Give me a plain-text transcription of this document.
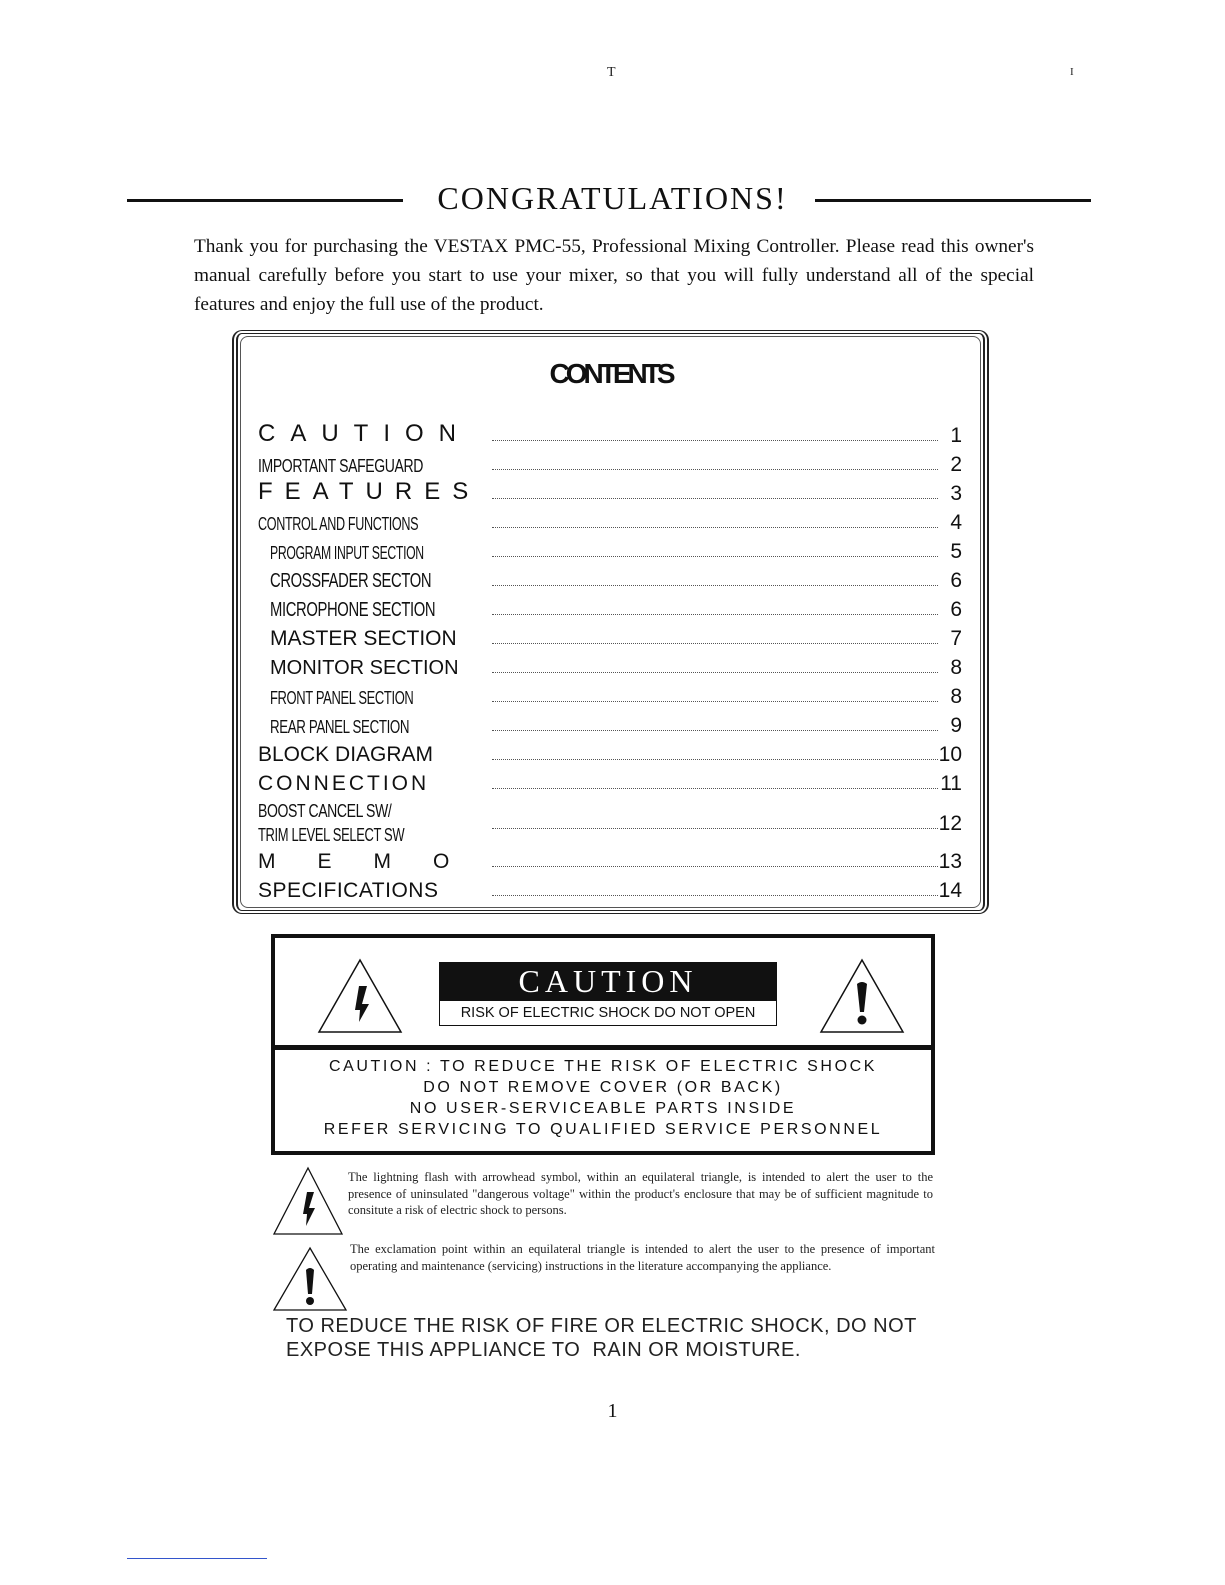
T	I
CONGRATULATIONS!
Thank you for purchasing the VESTAX PMC-55, Professional Mixing Controller. Please read this owner's manual carefully before you start to use your mixer, so that you will fully understand all of the special features and enjoy the full use of the product.
CONTENTS
CAUTION	1
IMPORTANT SAFEGUARD	2
FEATURES	3
CONTROL AND FUNCTIONS	4
PROGRAM INPUT SECTION	5
CROSSFADER SECTON	6
MICROPHONE SECTION	6
MASTER SECTION	7
MONITOR SECTION	8
FRONT PANEL SECTION	8
REAR PANEL SECTION	9
BLOCK DIAGRAM	10
CONNECTION	11
BOOST CANCEL SW/
TRIM LEVEL SELECT SW	12
MEMO	13
SPECIFICATIONS	14
CAUTION
RISK OF ELECTRIC SHOCK DO NOT OPEN
CAUTION : TO REDUCE THE RISK OF ELECTRIC SHOCK
DO NOT REMOVE COVER (OR BACK)
NO USER-SERVICEABLE PARTS INSIDE
REFER SERVICING TO QUALIFIED SERVICE PERSONNEL
The lightning flash with arrowhead symbol, within an equilateral triangle, is intended to alert the user to the presence of uninsulated "dangerous voltage" within the product's enclosure that may be of sufficient magnitude to consitute a risk of electric shock to persons.
The exclamation point within an equilateral triangle is intended to alert the user to the presence of important operating and maintenance (servicing) instructions in the literature accompanying the appliance.
TO REDUCE THE RISK OF FIRE OR ELECTRIC SHOCK, DO NOT
EXPOSE THIS APPLIANCE TO  RAIN OR MOISTURE.
1
